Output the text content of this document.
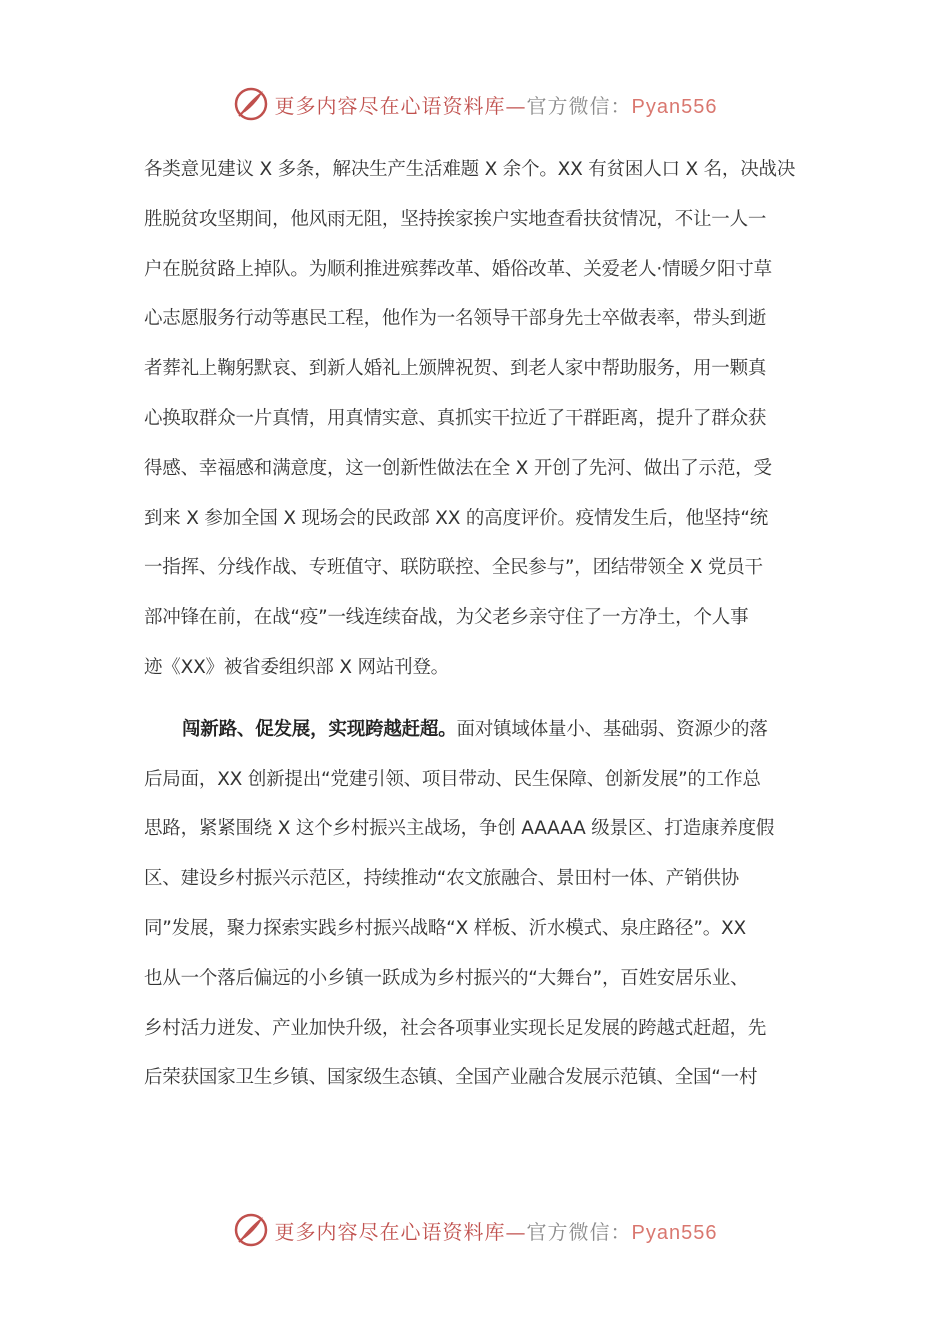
更多内容尽在心语资料库—官方微信：Pyan556
各类意见建议 X 多条，解决生产生活难题 X 余个。XX 有贫困人口 X 名，决战决
胜脱贫攻坚期间，他风雨无阻，坚持挨家挨户实地查看扶贫情况，不让一人一
户在脱贫路上掉队。为顺利推进殡葬改革、婚俗改革、关爱老人·情暖夕阳寸草
心志愿服务行动等惠民工程，他作为一名领导干部身先士卒做表率，带头到逝
者葬礼上鞠躬默哀、到新人婚礼上颁牌祝贺、到老人家中帮助服务，用一颗真
心换取群众一片真情，用真情实意、真抓实干拉近了干群距离，提升了群众获
得感、幸福感和满意度，这一创新性做法在全 X 开创了先河、做出了示范，受
到来 X 参加全国 X 现场会的民政部 XX 的高度评价。疫情发生后，他坚持“统
一指挥、分线作战、专班值守、联防联控、全民参与”，团结带领全 X 党员干
部冲锋在前，在战“疫”一线连续奋战，为父老乡亲守住了一方净土，个人事
迹《XX》被省委组织部 X 网站刊登。
闯新路、促发展，实现跨越赶超。面对镇域体量小、基础弱、资源少的落
后局面，XX 创新提出“党建引领、项目带动、民生保障、创新发展”的工作总
思路，紧紧围绕 X 这个乡村振兴主战场，争创 AAAAA 级景区、打造康养度假
区、建设乡村振兴示范区，持续推动“农文旅融合、景田村一体、产销供协
同”发展，聚力探索实践乡村振兴战略“X 样板、沂水模式、泉庄路径”。XX
也从一个落后偏远的小乡镇一跃成为乡村振兴的“大舞台”，百姓安居乐业、
乡村活力迸发、产业加快升级，社会各项事业实现长足发展的跨越式赶超，先
后荣获国家卫生乡镇、国家级生态镇、全国产业融合发展示范镇、全国“一村
更多内容尽在心语资料库—官方微信：Pyan556
